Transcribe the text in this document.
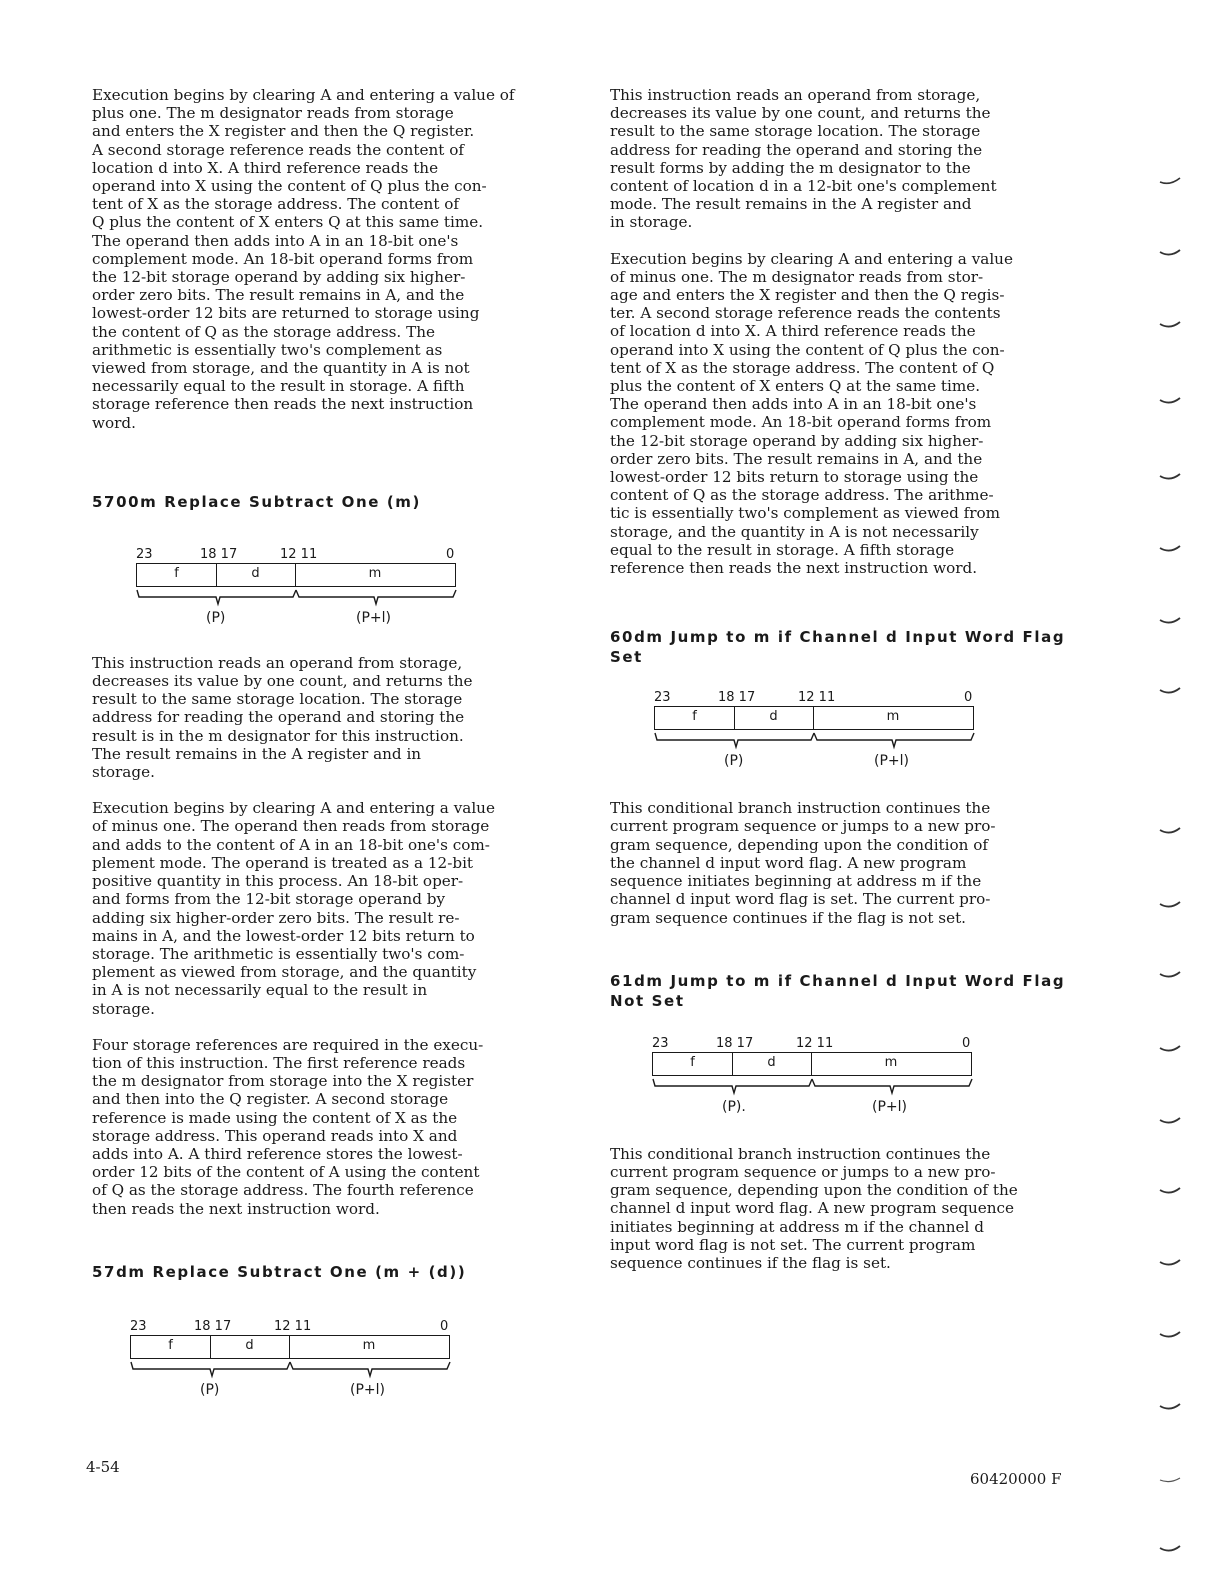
Execution begins by clearing A and entering a value of
plus one. The m designator reads from storage
and enters the X register and then the Q register.
A second storage reference reads the content of
location d into X. A third reference reads the
operand into X using the content of Q plus the con-
tent of X as the storage address. The content of
Q plus the content of X enters Q at this same time.
The operand then adds into A in an 18-bit one's
complement mode. An 18-bit operand forms from
the 12-bit storage operand by adding six higher-
order zero bits. The result remains in A, and the
lowest-order 12 bits are returned to storage using
the content of Q as the storage address. The
arithmetic is essentially two's complement as
viewed from storage, and the quantity in A is not
necessarily equal to the result in storage. A fifth
storage reference then reads the next instruction
word.

5700m Replace Subtract One (m)
23	18 17	12 11	0
f	d	m
(P)	(P+l)

This instruction reads an operand from storage,
decreases its value by one count, and returns the
result to the same storage location. The storage
address for reading the operand and storing the
result is in the m designator for this instruction.
The result remains in the A register and in
storage.

Execution begins by clearing A and entering a value
of minus one. The operand then reads from storage
and adds to the content of A in an 18-bit one's com-
plement mode. The operand is treated as a 12-bit
positive quantity in this process. An 18-bit oper-
and forms from the 12-bit storage operand by
adding six higher-order zero bits. The result re-
mains in A, and the lowest-order 12 bits return to
storage. The arithmetic is essentially two's com-
plement as viewed from storage, and the quantity
in A is not necessarily equal to the result in
storage.

Four storage references are required in the execu-
tion of this instruction. The first reference reads
the m designator from storage into the X register
and then into the Q register. A second storage
reference is made using the content of X as the
storage address. This operand reads into X and
adds into A. A third reference stores the lowest-
order 12 bits of the content of A using the content
of Q as the storage address. The fourth reference
then reads the next instruction word.

57dm Replace Subtract One (m + (d))
23	18 17	12 11	0
f	d	m
(P)	(P+l)

This instruction reads an operand from storage,
decreases its value by one count, and returns the
result to the same storage location. The storage
address for reading the operand and storing the
result forms by adding the m designator to the
content of location d in a 12-bit one's complement
mode. The result remains in the A register and
in storage.

Execution begins by clearing A and entering a value
of minus one. The m designator reads from stor-
age and enters the X register and then the Q regis-
ter. A second storage reference reads the contents
of location d into X. A third reference reads the
operand into X using the content of Q plus the con-
tent of X as the storage address. The content of Q
plus the content of X enters Q at the same time.
The operand then adds into A in an 18-bit one's
complement mode. An 18-bit operand forms from
the 12-bit storage operand by adding six higher-
order zero bits. The result remains in A, and the
lowest-order 12 bits return to storage using the
content of Q as the storage address. The arithme-
tic is essentially two's complement as viewed from
storage, and the quantity in A is not necessarily
equal to the result in storage. A fifth storage
reference then reads the next instruction word.

60dm Jump to m if Channel d Input Word Flag
Set
23	18 17	12 11	0
f	d	m
(P)	(P+l)

This conditional branch instruction continues the
current program sequence or jumps to a new pro-
gram sequence, depending upon the condition of
the channel d input word flag. A new program
sequence initiates beginning at address m if the
channel d input word flag is set. The current pro-
gram sequence continues if the flag is not set.

61dm Jump to m if Channel d Input Word Flag
Not Set
23	18 17	12 11	0
f	d	m
(P).	(P+l)

This conditional branch instruction continues the
current program sequence or jumps to a new pro-
gram sequence, depending upon the condition of the
channel d input word flag. A new program sequence
initiates beginning at address m if the channel d
input word flag is not set. The current program
sequence continues if the flag is set.

4-54
60420000 F
